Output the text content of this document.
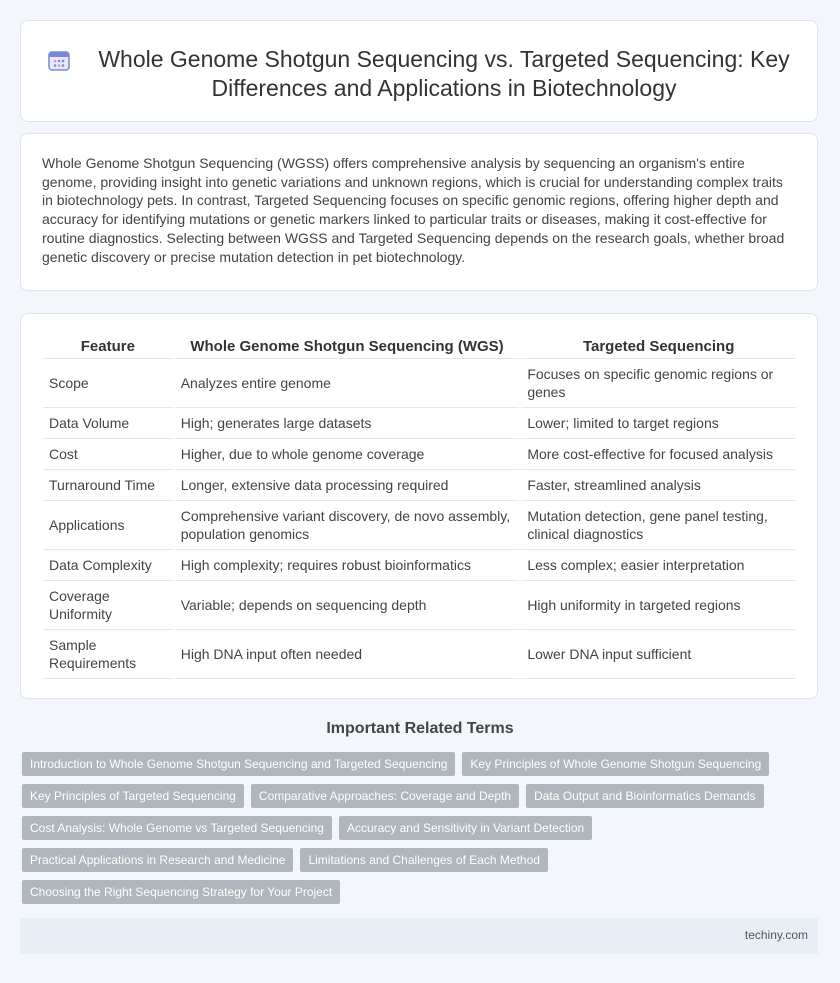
Whole Genome Shotgun Sequencing vs. Targeted Sequencing: Key Differences and Applications in Biotechnology

Whole Genome Shotgun Sequencing (WGSS) offers comprehensive analysis by sequencing an organism's entire genome, providing insight into genetic variations and unknown regions, which is crucial for understanding complex traits in biotechnology pets. In contrast, Targeted Sequencing focuses on specific genomic regions, offering higher depth and accuracy for identifying mutations or genetic markers linked to particular traits or diseases, making it cost-effective for routine diagnostics. Selecting between WGSS and Targeted Sequencing depends on the research goals, whether broad genetic discovery or precise mutation detection in pet biotechnology.

Feature	Whole Genome Shotgun Sequencing (WGS)	Targeted Sequencing
Scope	Analyzes entire genome	Focuses on specific genomic regions or genes
Data Volume	High; generates large datasets	Lower; limited to target regions
Cost	Higher, due to whole genome coverage	More cost-effective for focused analysis
Turnaround Time	Longer, extensive data processing required	Faster, streamlined analysis
Applications	Comprehensive variant discovery, de novo assembly, population genomics	Mutation detection, gene panel testing, clinical diagnostics
Data Complexity	High complexity; requires robust bioinformatics	Less complex; easier interpretation
Coverage Uniformity	Variable; depends on sequencing depth	High uniformity in targeted regions
Sample Requirements	High DNA input often needed	Lower DNA input sufficient
Important Related Terms
Introduction to Whole Genome Shotgun Sequencing and Targeted Sequencing	Key Principles of Whole Genome Shotgun Sequencing
Key Principles of Targeted Sequencing	Comparative Approaches: Coverage and Depth	Data Output and Bioinformatics Demands
Cost Analysis: Whole Genome vs Targeted Sequencing	Accuracy and Sensitivity in Variant Detection
Practical Applications in Research and Medicine	Limitations and Challenges of Each Method
Choosing the Right Sequencing Strategy for Your Project
techiny.com
